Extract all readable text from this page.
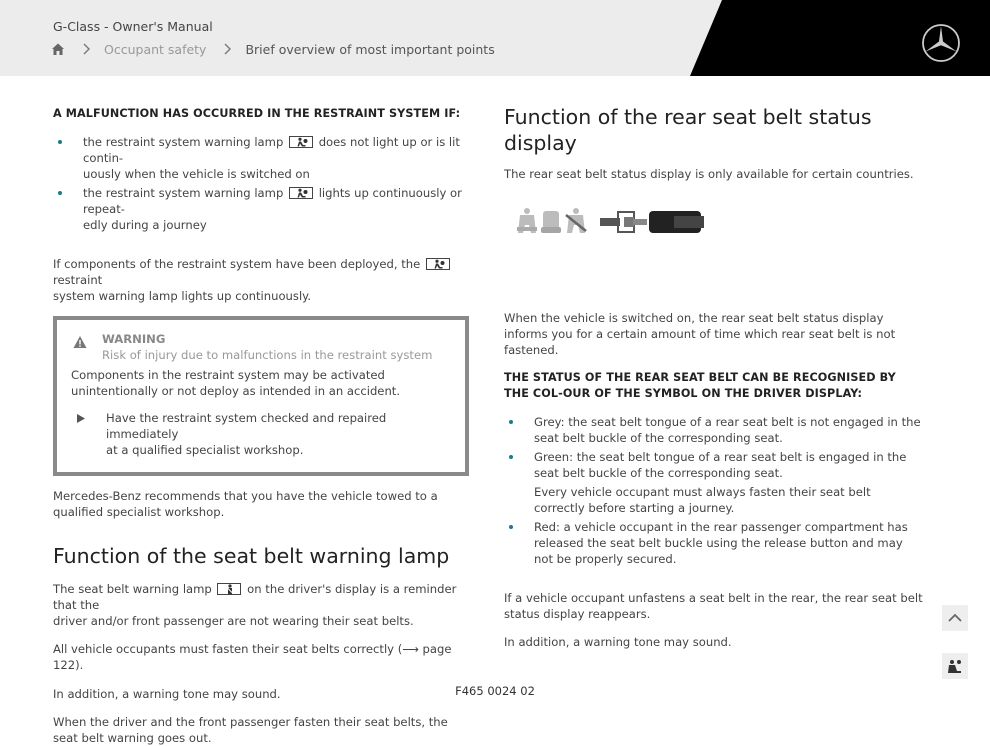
G-Class - Owner's Manual
Occupant safety	Brief overview of most important points
A MALFUNCTION HAS OCCURRED IN THE RESTRAINT SYSTEM IF:
the restraint system warning lamp	does not light up or is lit contin-
uously when the vehicle is switched on
the restraint system warning lamp	lights up continuously or repeat-
edly during a journey

If components of the restraint system have been deployed, the
restraint
system warning lamp lights up continuously.

WARNING
Risk of injury due to malfunctions in the restraint system

Components in the restraint system may be activated unintentionally or not deploy as intended in an accident.

Have the restraint system checked and repaired immediately
at a qualified specialist workshop.

Mercedes-Benz recommends that you have the vehicle towed to a qualified specialist workshop.

Function of the seat belt warning lamp

The seat belt warning lamp	on the driver's display is a reminder that the
driver and/or front passenger are not wearing their seat belts.

All vehicle occupants must fasten their seat belts correctly (⟶ page 122).

In addition, a warning tone may sound.

When the driver and the front passenger fasten their seat belts, the seat belt warning goes out.

Function of the rear seat belt status display

The rear seat belt status display is only available for certain countries.

When the vehicle is switched on, the rear seat belt status display informs you for a certain amount of time which rear seat belt is not fastened.

THE STATUS OF THE REAR SEAT BELT CAN BE RECOGNISED BY THE COL-OUR OF THE SYMBOL ON THE DRIVER DISPLAY:
Grey: the seat belt tongue of a rear seat belt is not engaged in the seat belt buckle of the corresponding seat.
Green: the seat belt tongue of a rear seat belt is engaged in the seat belt buckle of the corresponding seat.
Every vehicle occupant must always fasten their seat belt correctly before starting a journey.
Red: a vehicle occupant in the rear passenger compartment has released the seat belt buckle using the release button and may not be properly secured.

If a vehicle occupant unfastens a seat belt in the rear, the rear seat belt status display reappears.

In addition, a warning tone may sound.

F465 0024 02
